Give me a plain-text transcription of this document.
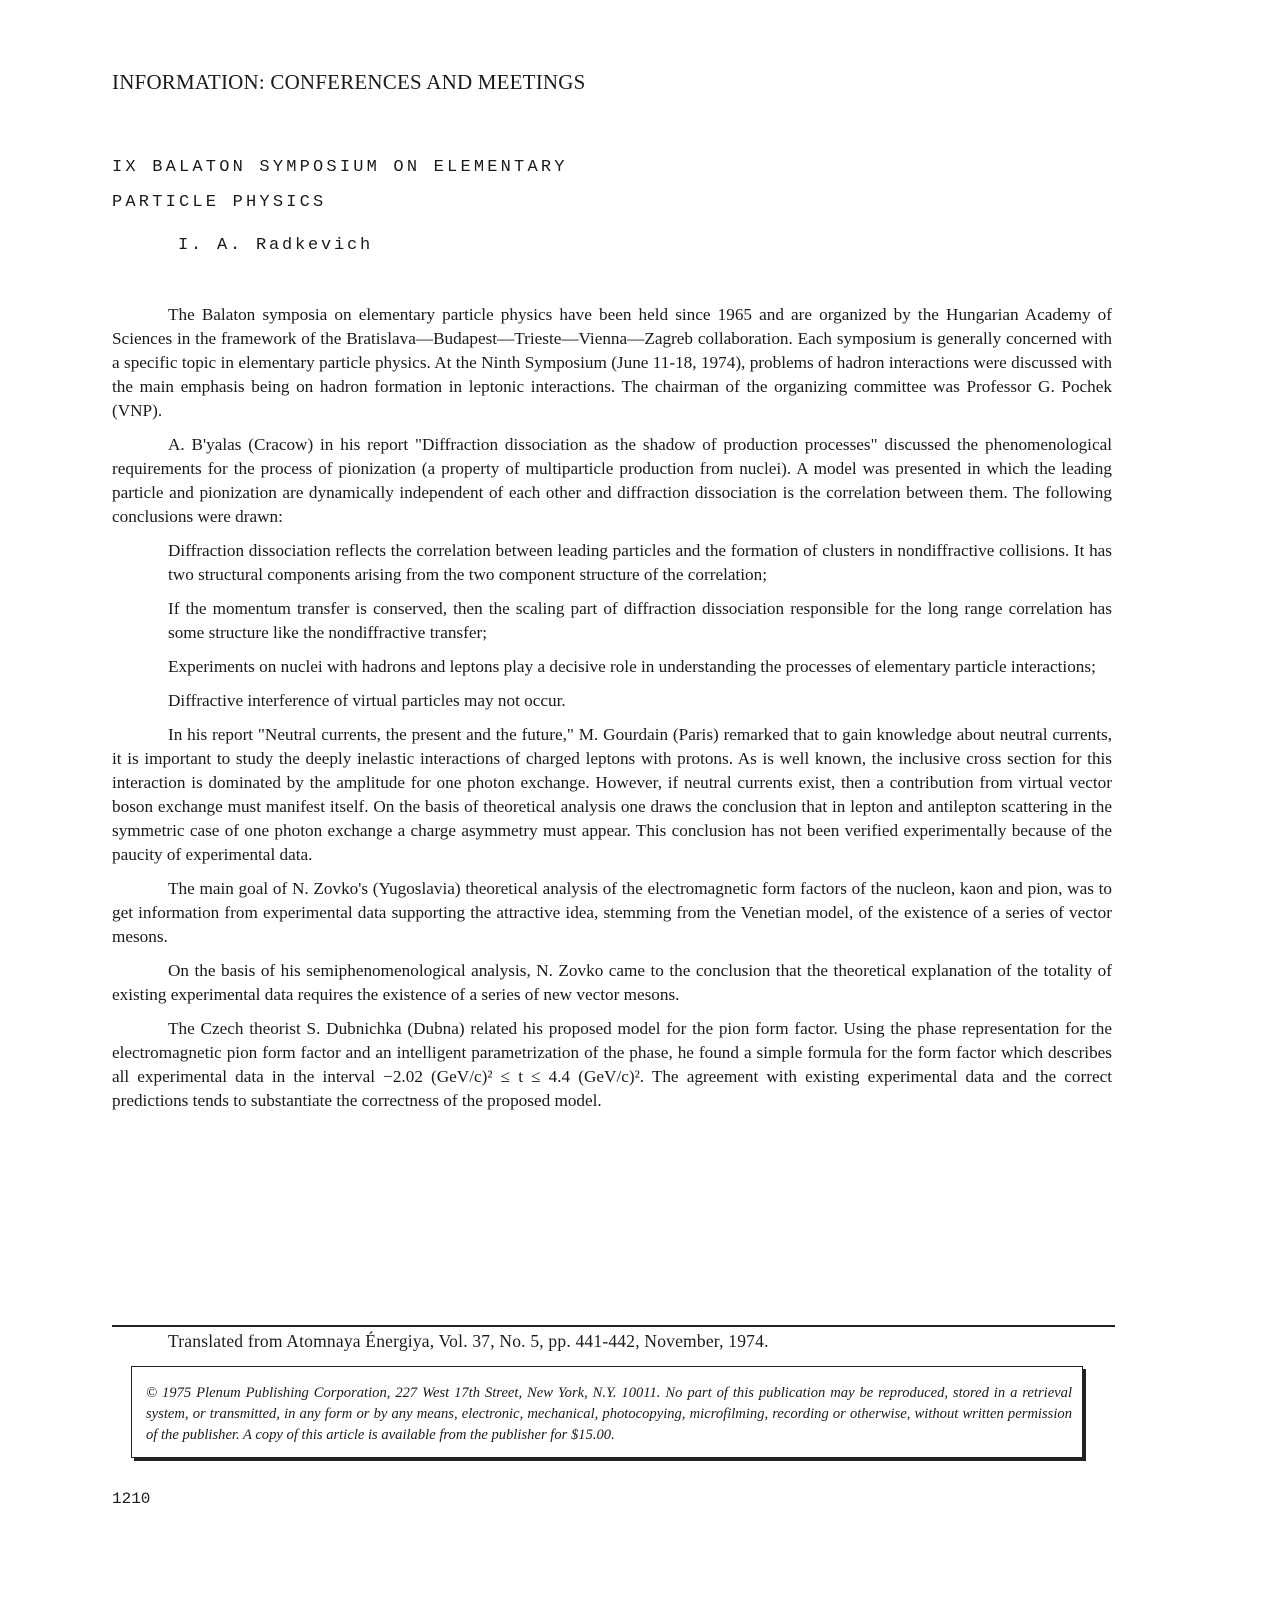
INFORMATION: CONFERENCES AND MEETINGS
IX BALATON SYMPOSIUM ON ELEMENTARY
PARTICLE PHYSICS
I. A. Radkevich

The Balaton symposia on elementary particle physics have been held since 1965 and are organized by the Hungarian Academy of Sciences in the framework of the Bratislava—Budapest—Trieste—Vienna—Zagreb collaboration. Each symposium is generally concerned with a specific topic in elementary particle physics. At the Ninth Symposium (June 11-18, 1974), problems of hadron interactions were discussed with the main emphasis being on hadron formation in leptonic interactions. The chairman of the organizing committee was Professor G. Pochek (VNP).

A. B'yalas (Cracow) in his report "Diffraction dissociation as the shadow of production processes" discussed the phenomenological requirements for the process of pionization (a property of multiparticle production from nuclei). A model was presented in which the leading particle and pionization are dynamically independent of each other and diffraction dissociation is the correlation between them. The following conclusions were drawn:

Diffraction dissociation reflects the correlation between leading particles and the formation of clusters in nondiffractive collisions. It has two structural components arising from the two component structure of the correlation;

If the momentum transfer is conserved, then the scaling part of diffraction dissociation responsible for the long range correlation has some structure like the nondiffractive transfer;

Experiments on nuclei with hadrons and leptons play a decisive role in understanding the processes of elementary particle interactions;

Diffractive interference of virtual particles may not occur.

In his report "Neutral currents, the present and the future," M. Gourdain (Paris) remarked that to gain knowledge about neutral currents, it is important to study the deeply inelastic interactions of charged leptons with protons. As is well known, the inclusive cross section for this interaction is dominated by the amplitude for one photon exchange. However, if neutral currents exist, then a contribution from virtual vector boson exchange must manifest itself. On the basis of theoretical analysis one draws the conclusion that in lepton and antilepton scattering in the symmetric case of one photon exchange a charge asymmetry must appear. This conclusion has not been verified experimentally because of the paucity of experimental data.

The main goal of N. Zovko's (Yugoslavia) theoretical analysis of the electromagnetic form factors of the nucleon, kaon and pion, was to get information from experimental data supporting the attractive idea, stemming from the Venetian model, of the existence of a series of vector mesons.

On the basis of his semiphenomenological analysis, N. Zovko came to the conclusion that the theoretical explanation of the totality of existing experimental data requires the existence of a series of new vector mesons.

The Czech theorist S. Dubnichka (Dubna) related his proposed model for the pion form factor. Using the phase representation for the electromagnetic pion form factor and an intelligent parametrization of the phase, he found a simple formula for the form factor which describes all experimental data in the interval −2.02 (GeV/c)² ≤ t ≤ 4.4 (GeV/c)². The agreement with existing experimental data and the correct predictions tends to substantiate the correctness of the proposed model.

Translated from Atomnaya Énergiya, Vol. 37, No. 5, pp. 441-442, November, 1974.
© 1975 Plenum Publishing Corporation, 227 West 17th Street, New York, N.Y. 10011. No part of this publication may be reproduced, stored in a retrieval system, or transmitted, in any form or by any means, electronic, mechanical, photocopying, microfilming, recording or otherwise, without written permission of the publisher. A copy of this article is available from the publisher for $15.00.
1210
